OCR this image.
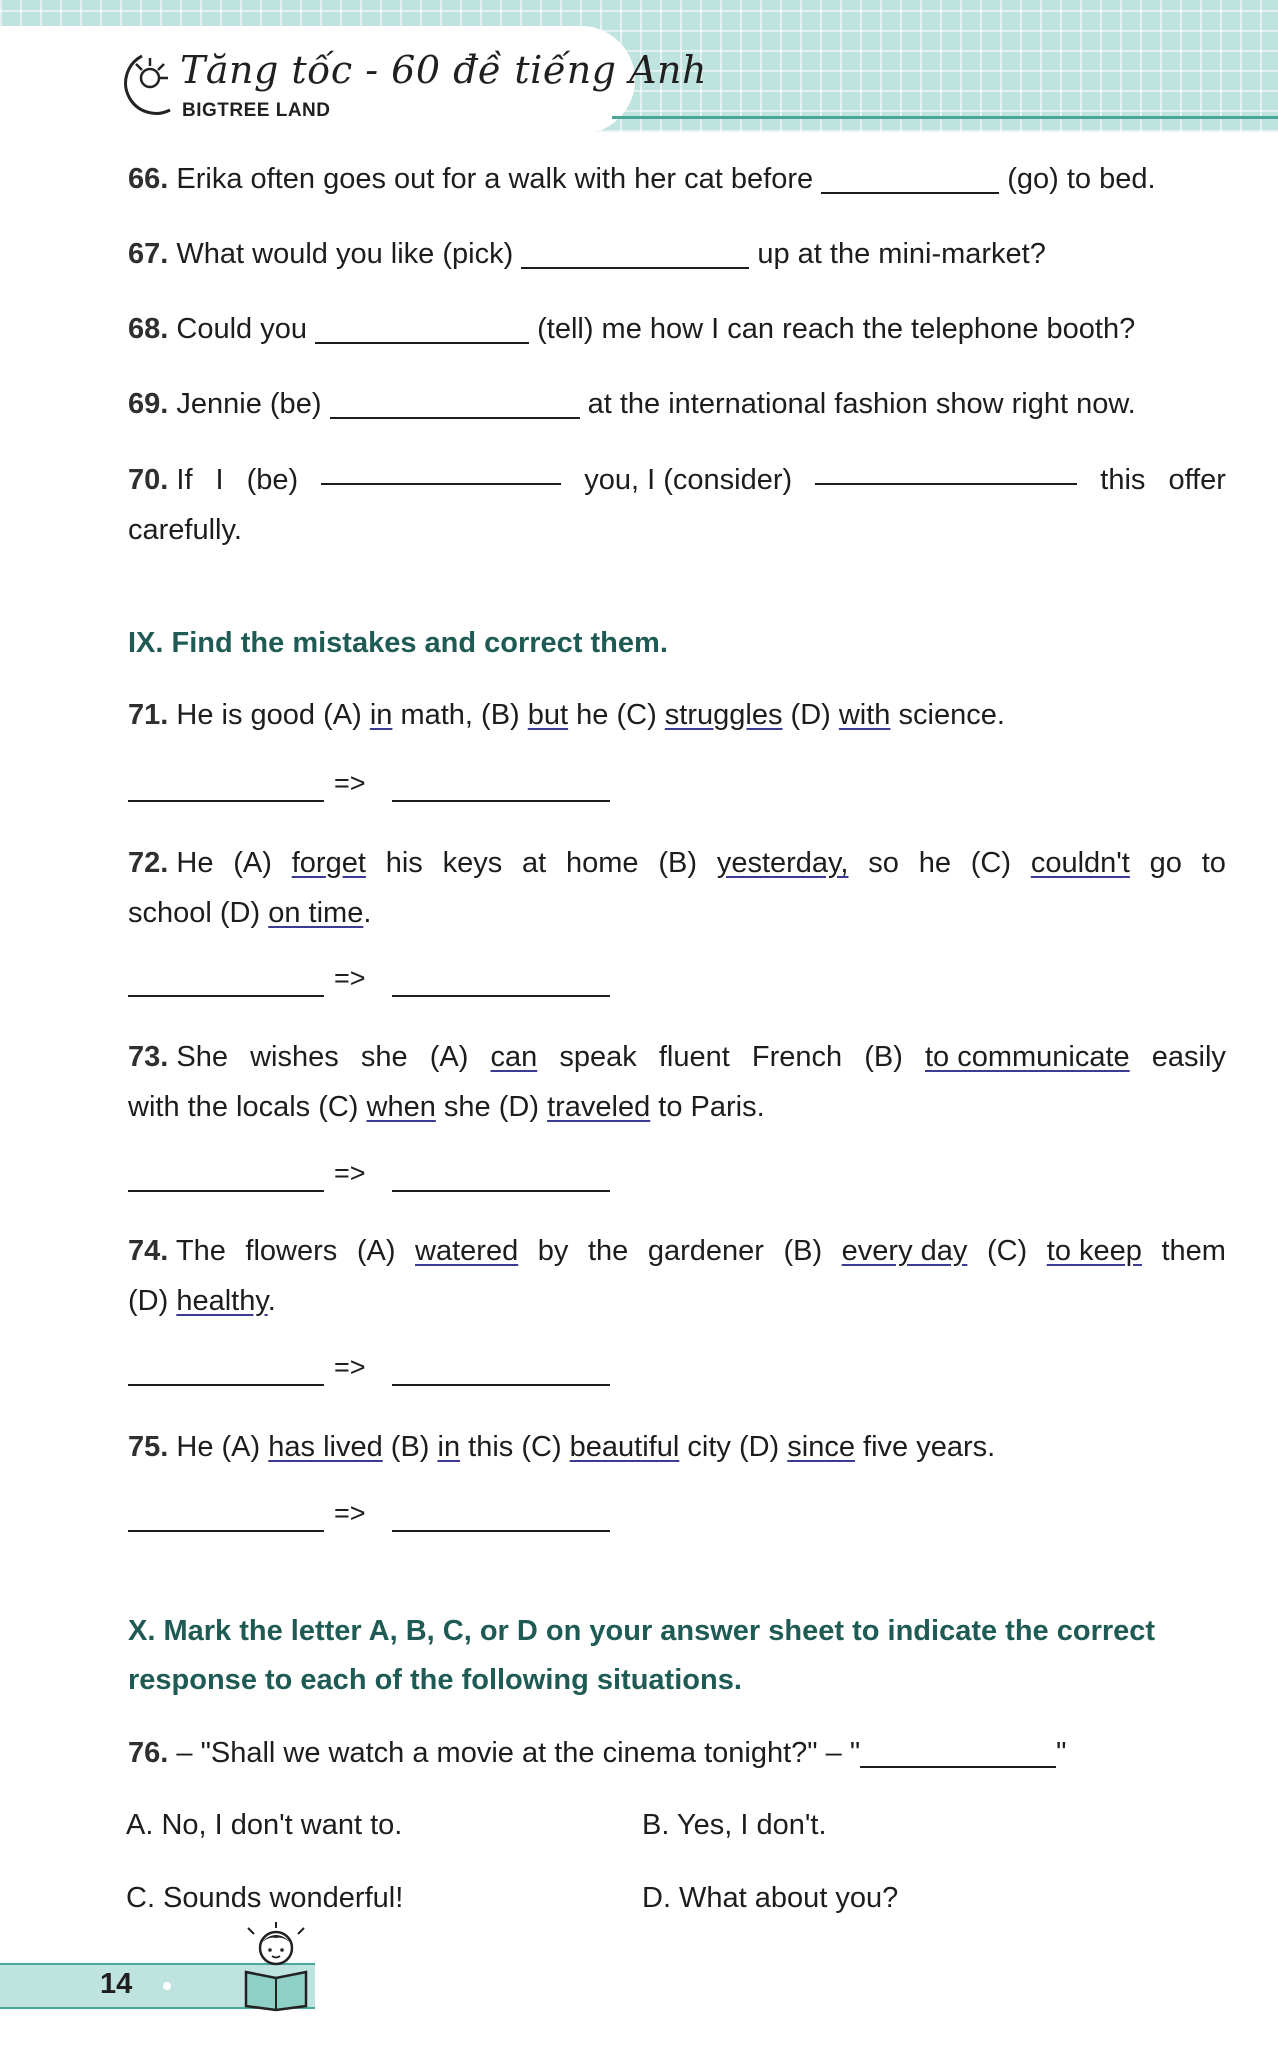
Tăng tốc - 60 đề tiếng Anh
BIGTREE LAND
66. Erika often goes out for a walk with her cat before	(go) to bed.
67. What would you like (pick)	up at the mini-market?
68. Could you	(tell) me how I can reach the telephone booth?
69. Jennie (be)	at the international fashion show right now.
70. If I (be)	you, I (consider)	this offer
carefully.
IX. Find the mistakes and correct them.
71. He is good (A) in math, (B) but he (C) struggles (D) with science.
=>
72. He (A) forget his keys at home (B) yesterday, so he (C) couldn't go to
school (D) on time.
=>
73. She wishes she (A) can speak fluent French (B) to communicate easily
with the locals (C) when she (D) traveled to Paris.
=>
74. The flowers (A) watered by the gardener (B) every day (C) to keep them
(D) healthy.
=>
75. He (A) has lived (B) in this (C) beautiful city (D) since five years.
=>
X. Mark the letter A, B, C, or D on your answer sheet to indicate the correct
response to each of the following situations.
76. – "Shall we watch a movie at the cinema tonight?" – "	"
A. No, I don't want to.	B. Yes, I don't.
C. Sounds wonderful!	D. What about you?
14
